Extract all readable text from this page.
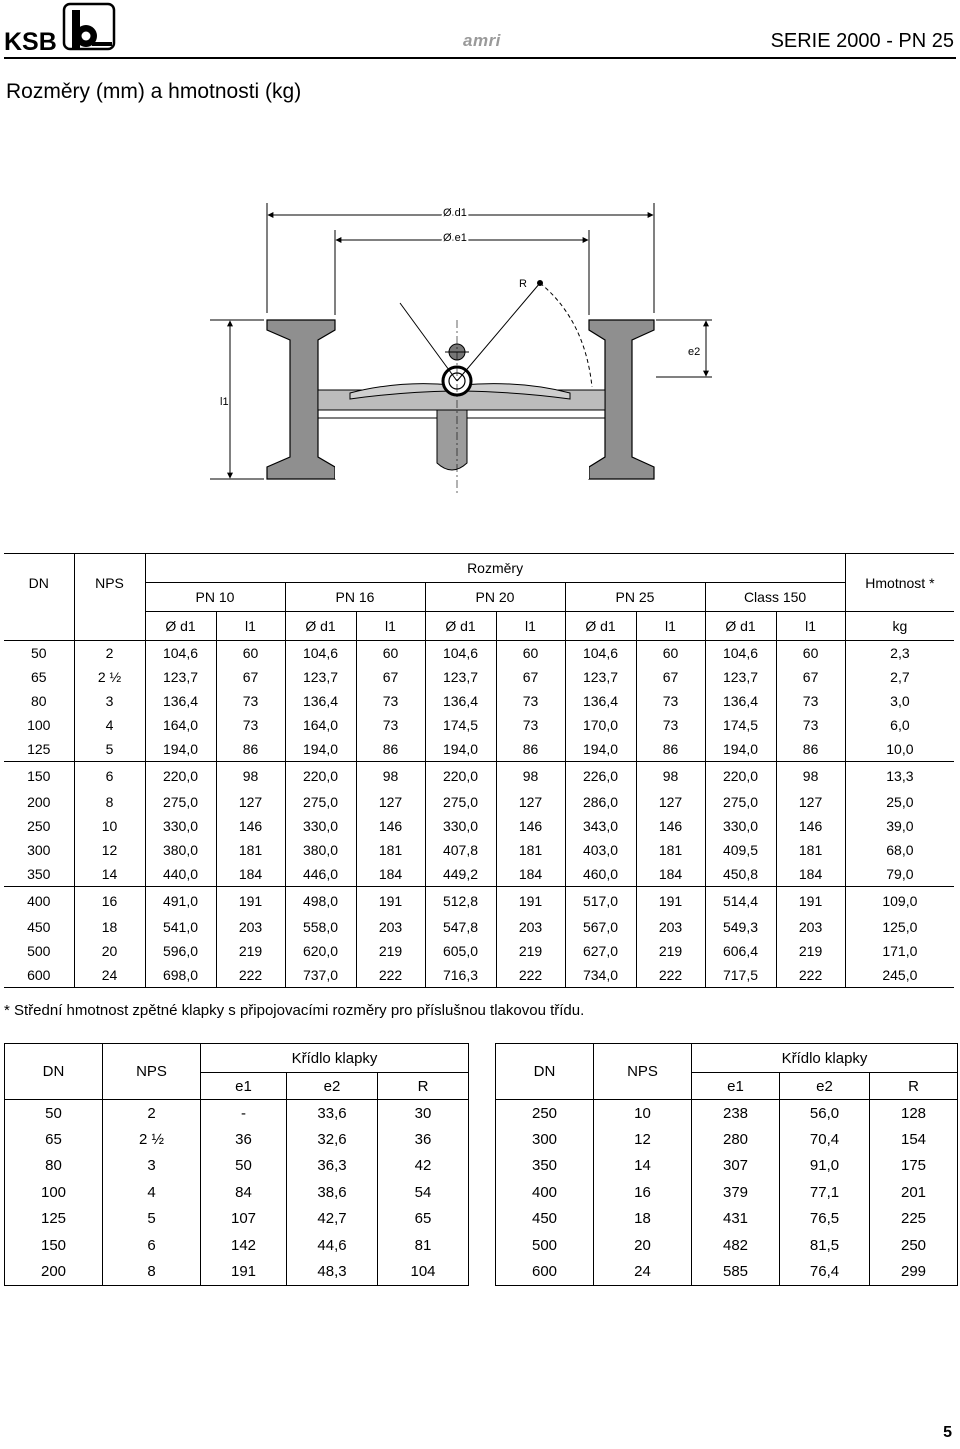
KSB	amri	SERIE 2000 - PN 25
Rozměry (mm) a hmotnosti (kg)
Ø d1
Ø e1
R
e2
l1
DN	NPS	Rozměry										Hmotnost *
		PN 10		PN 16		PN 20		PN 25		Class 150		
		Ø d1	l1	Ø d1	l1	Ø d1	l1	Ø d1	l1	Ø d1	l1	kg
50	2	104,6	60	104,6	60	104,6	60	104,6	60	104,6	60	2,3
65	2 ½	123,7	67	123,7	67	123,7	67	123,7	67	123,7	67	2,7
80	3	136,4	73	136,4	73	136,4	73	136,4	73	136,4	73	3,0
100	4	164,0	73	164,0	73	174,5	73	170,0	73	174,5	73	6,0
125	5	194,0	86	194,0	86	194,0	86	194,0	86	194,0	86	10,0
150	6	220,0	98	220,0	98	220,0	98	226,0	98	220,0	98	13,3
200	8	275,0	127	275,0	127	275,0	127	286,0	127	275,0	127	25,0
250	10	330,0	146	330,0	146	330,0	146	343,0	146	330,0	146	39,0
300	12	380,0	181	380,0	181	407,8	181	403,0	181	409,5	181	68,0
350	14	440,0	184	446,0	184	449,2	184	460,0	184	450,8	184	79,0
400	16	491,0	191	498,0	191	512,8	191	517,0	191	514,4	191	109,0
450	18	541,0	203	558,0	203	547,8	203	567,0	203	549,3	203	125,0
500	20	596,0	219	620,0	219	605,0	219	627,0	219	606,4	219	171,0
600	24	698,0	222	737,0	222	716,3	222	734,0	222	717,5	222	245,0
* Střední hmotnost zpětné klapky s připojovacími rozměry pro příslušnou tlakovou třídu.
DN	NPS	Křídlo klapky		
		e1	e2	R
50	2	-	33,6	30
65	2 ½	36	32,6	36
80	3	50	36,3	42
100	4	84	38,6	54
125	5	107	42,7	65
150	6	142	44,6	81
200	8	191	48,3	104
DN	NPS	Křídlo klapky		
		e1	e2	R
250	10	238	56,0	128
300	12	280	70,4	154
350	14	307	91,0	175
400	16	379	77,1	201
450	18	431	76,5	225
500	20	482	81,5	250
600	24	585	76,4	299
5
